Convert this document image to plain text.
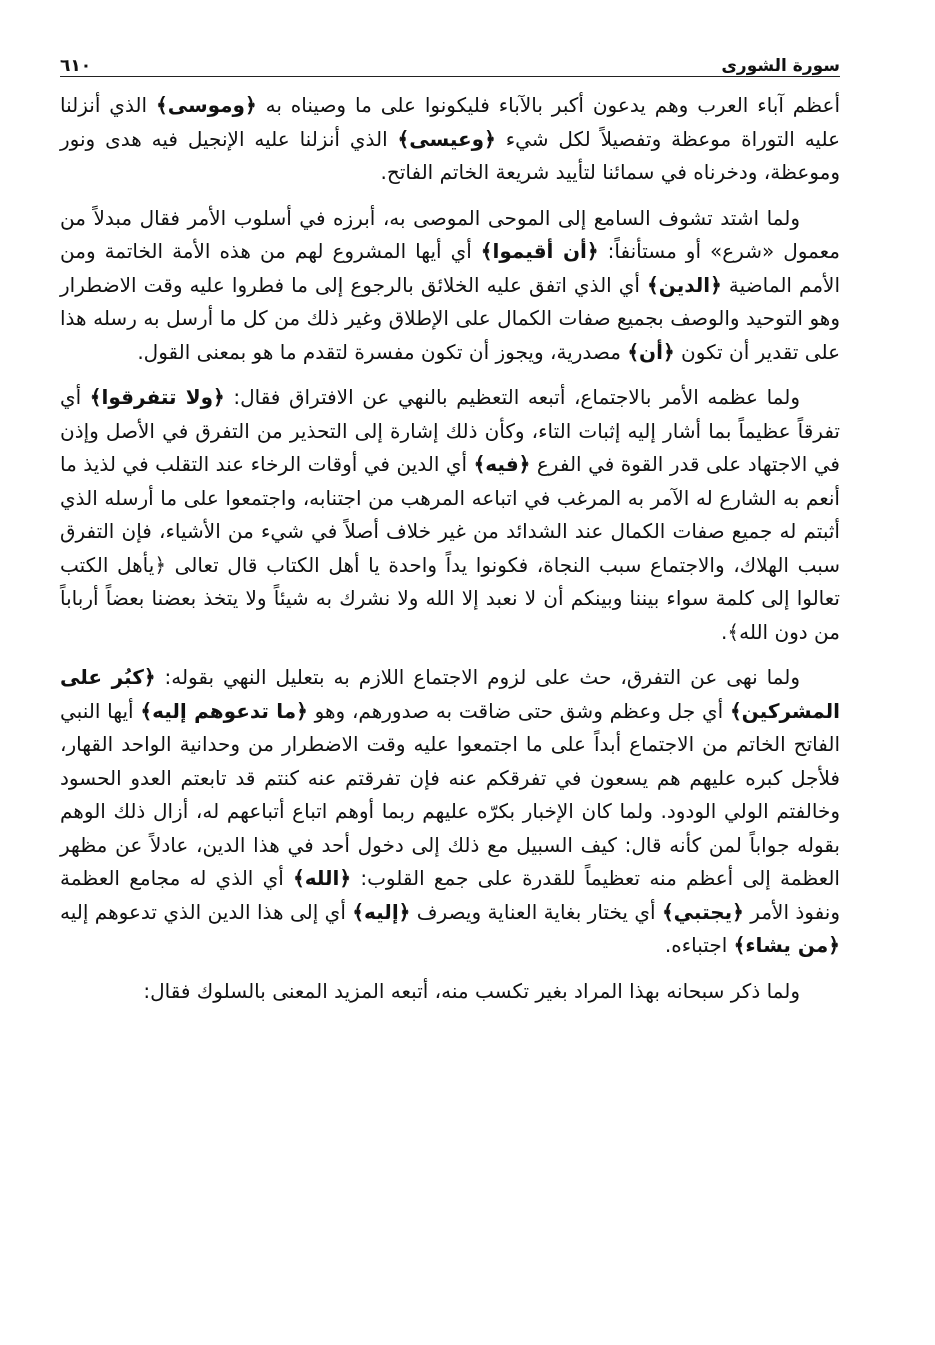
سورة الشورى
٦١٠

أعظم آباء العرب وهم يدعون أكبر بالآباء فليكونوا على ما وصيناه به ﴿وموسى﴾ الذي أنزلنا عليه التوراة موعظة وتفصيلاً لكل شيء ﴿وعيسى﴾ الذي أنزلنا عليه الإنجيل فيه هدى ونور وموعظة، ودخرناه في سمائنا لتأييد شريعة الخاتم الفاتح.

ولما اشتد تشوف السامع إلى الموحى الموصى به، أبرزه في أسلوب الأمر فقال مبدلاً من معمول «شرع» أو مستأنفاً: ﴿أن أقيموا﴾ أي أيها المشروع لهم من هذه الأمة الخاتمة ومن الأمم الماضية ﴿الدين﴾ أي الذي اتفق عليه الخلائق بالرجوع إلى ما فطروا عليه وقت الاضطرار وهو التوحيد والوصف بجميع صفات الكمال على الإطلاق وغير ذلك من كل ما أرسل به رسله هذا على تقدير أن تكون ﴿أن﴾ مصدرية، ويجوز أن تكون مفسرة لتقدم ما هو بمعنى القول.

ولما عظمه الأمر بالاجتماع، أتبعه التعظيم بالنهي عن الافتراق فقال: ﴿ولا تتفرقوا﴾ أي تفرقاً عظيماً بما أشار إليه إثبات التاء، وكأن ذلك إشارة إلى التحذير من التفرق في الأصل وإذن في الاجتهاد على قدر القوة في الفرع ﴿فيه﴾ أي الدين في أوقات الرخاء عند التقلب في لذيذ ما أنعم به الشارع له الآمر به المرغب في اتباعه المرهب من اجتنابه، واجتمعوا على ما أرسله الذي أثبتم له جميع صفات الكمال عند الشدائد من غير خلاف أصلاً في شيء من الأشياء، فإن التفرق سبب الهلاك، والاجتماع سبب النجاة، فكونوا يداً واحدة يا أهل الكتاب قال تعالى ﴿يأهل الكتب تعالوا إلى كلمة سواء بيننا وبينكم أن لا نعبد إلا الله ولا نشرك به شيئاً ولا يتخذ بعضنا بعضاً أرباباً من دون الله﴾.

ولما نهى عن التفرق، حث على لزوم الاجتماع اللازم به بتعليل النهي بقوله: ﴿كبُر على المشركين﴾ أي جل وعظم وشق حتى ضاقت به صدورهم، وهو ﴿ما تدعوهم إليه﴾ أيها النبي الفاتح الخاتم من الاجتماع أبداً على ما اجتمعوا عليه وقت الاضطرار من وحدانية الواحد القهار، فلأجل كبره عليهم هم يسعون في تفرقكم عنه فإن تفرقتم عنه كنتم قد تابعتم العدو الحسود وخالفتم الولي الودود. ولما كان الإخبار بكرّه عليهم ربما أوهم اتباع أتباعهم له، أزال ذلك الوهم بقوله جواباً لمن كأنه قال: كيف السبيل مع ذلك إلى دخول أحد في هذا الدين، عادلاً عن مظهر العظمة إلى أعظم منه تعظيماً للقدرة على جمع القلوب: ﴿الله﴾ أي الذي له مجامع العظمة ونفوذ الأمر ﴿يجتبي﴾ أي يختار بغاية العناية ويصرف ﴿إليه﴾ أي إلى هذا الدين الذي تدعوهم إليه ﴿من يشاء﴾ اجتباءه.

ولما ذكر سبحانه بهذا المراد بغير تكسب منه، أتبعه المزيد المعنى بالسلوك فقال:
